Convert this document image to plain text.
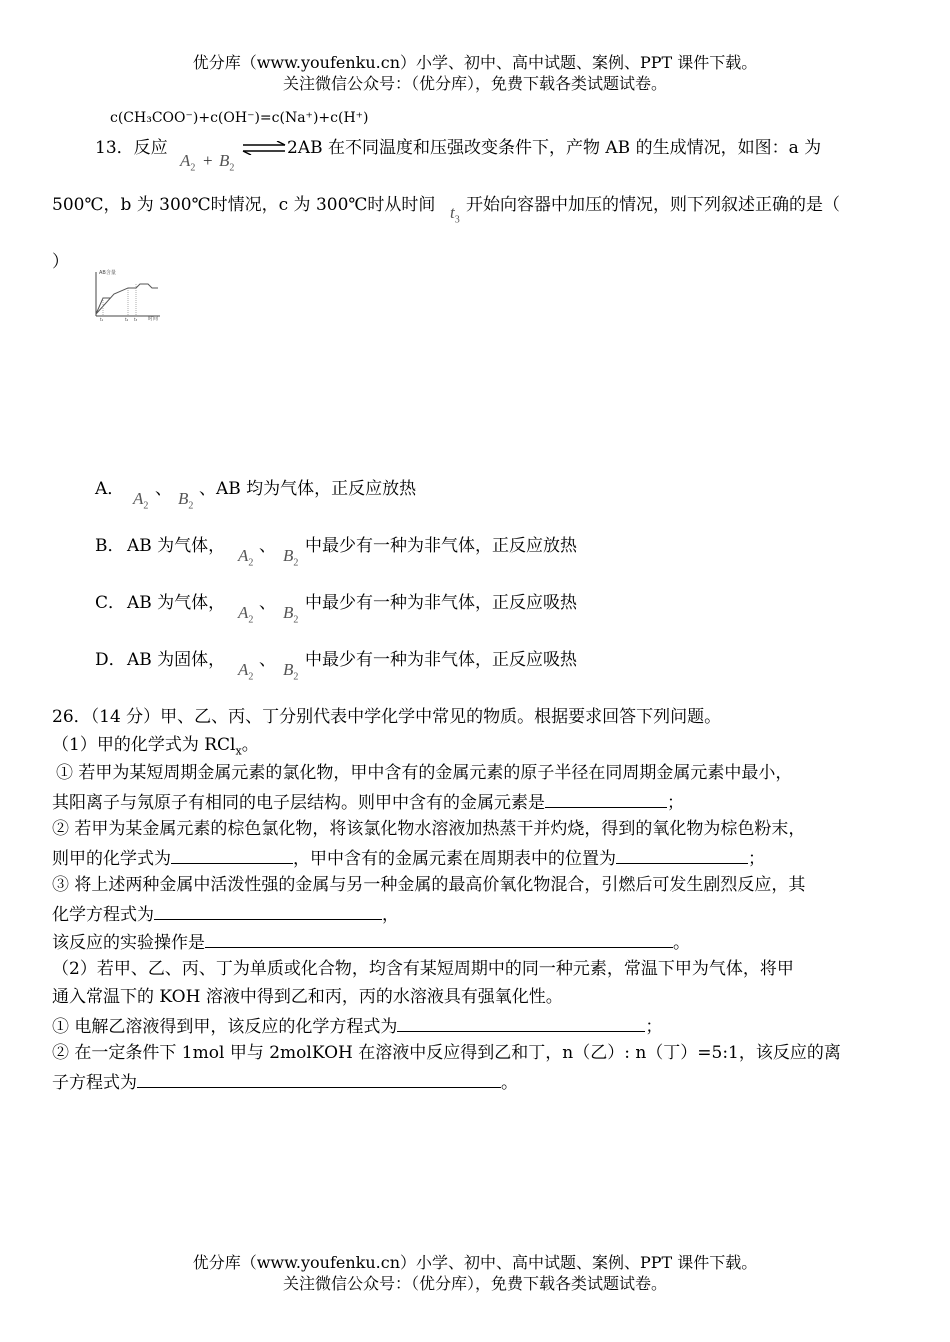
优分库（www.youfenku.cn）小学、初中、高中试题、案例、PPT 课件下载。
关注微信公众号：（优分库），免费下载各类试题试卷。
c(CH₃COO⁻)+c(OH⁻)=c(Na⁺)+c(H⁺)
13．反应
$A_2 + B_2$
⇌ 2AB 在不同温度和压强改变条件下，产物 AB 的生成情况，如图：a 为
500℃，b 为 300℃时情况，c 为 300℃时从时间 $t_3$
开始向容器中加压的情况，则下列叙述正确的是（
）
AB含量
时间
t₁	t₂ t₃
A． $A_2$
、 $B_2$
、AB 均为气体，正反应放热
B． AB 为气体， $A_2$
、 $B_2$
中最少有一种为非气体，正反应放热
C． AB 为气体， $A_2$
、 $B_2$
中最少有一种为非气体，正反应吸热
D． AB 为固体， $A_2$
、 $B_2$
中最少有一种为非气体，正反应吸热
26．（14 分）甲、乙、丙、丁分别代表中学化学中常见的物质。根据要求回答下列问题。
（1）甲的化学式为 RCl$_x$。
① 若甲为某短周期金属元素的氯化物，甲中含有的金属元素的原子半径在同周期金属元素中最小，
其阳离子与氖原子有相同的电子层结构。则甲中含有的金属元素是	；
② 若甲为某金属元素的棕色氯化物，将该氯化物水溶液加热蒸干并灼烧，得到的氧化物为棕色粉末，
则甲的化学式为	，甲中含有的金属元素在周期表中的位置为	；
③ 将上述两种金属中活泼性强的金属与另一种金属的最高价氧化物混合，引燃后可发生剧烈反应，其
化学方程式为	，
该反应的实验操作是	。
（2）若甲、乙、丙、丁为单质或化合物，均含有某短周期中的同一种元素，常温下甲为气体，将甲
通入常温下的 KOH 溶液中得到乙和丙，丙的水溶液具有强氧化性。
① 电解乙溶液得到甲，该反应的化学方程式为	；
② 在一定条件下 1mol 甲与 2molKOH 在溶液中反应得到乙和丁，n（乙）: n（丁）=5:1，该反应的离
子方程式为	。
优分库（www.youfenku.cn）小学、初中、高中试题、案例、PPT 课件下载。
关注微信公众号：（优分库），免费下载各类试题试卷。
